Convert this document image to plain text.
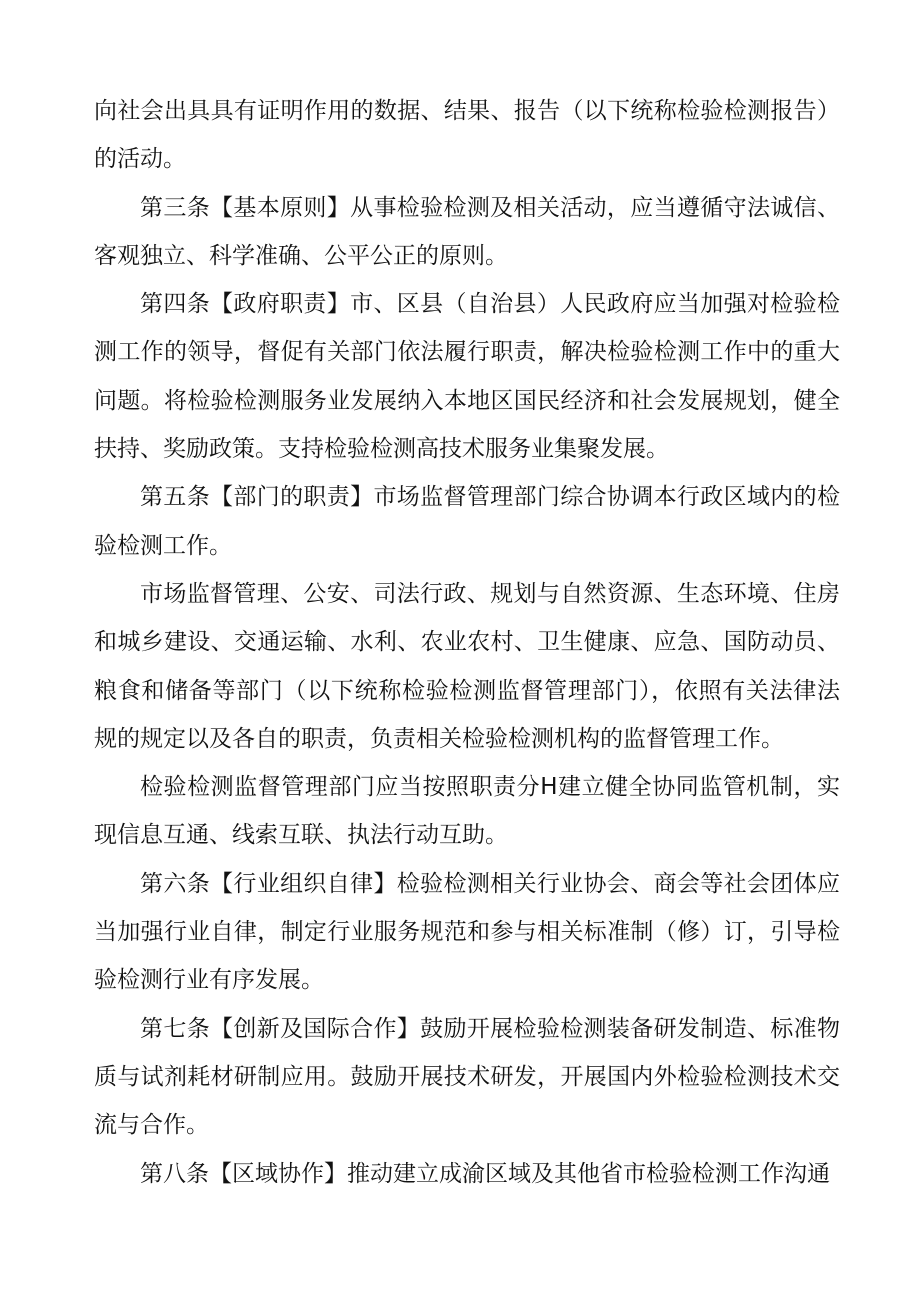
向社会出具具有证明作用的数据、结果、报告（以下统称检验检测报告）的活动。

第三条【基本原则】从事检验检测及相关活动，应当遵循守法诚信、客观独立、科学准确、公平公正的原则。

第四条【政府职责】市、区县（自治县）人民政府应当加强对检验检测工作的领导，督促有关部门依法履行职责，解决检验检测工作中的重大问题。将检验检测服务业发展纳入本地区国民经济和社会发展规划，健全扶持、奖励政策。支持检验检测高技术服务业集聚发展。

第五条【部门的职责】市场监督管理部门综合协调本行政区域内的检验检测工作。

市场监督管理、公安、司法行政、规划与自然资源、生态环境、住房和城乡建设、交通运输、水利、农业农村、卫生健康、应急、国防动员、粮食和储备等部门（以下统称检验检测监督管理部门），依照有关法律法规的规定以及各自的职责，负责相关检验检测机构的监督管理工作。

检验检测监督管理部门应当按照职责分H建立健全协同监管机制，实现信息互通、线索互联、执法行动互助。

第六条【行业组织自律】检验检测相关行业协会、商会等社会团体应当加强行业自律，制定行业服务规范和参与相关标准制（修）订，引导检验检测行业有序发展。

第七条【创新及国际合作】鼓励开展检验检测装备研发制造、标准物质与试剂耗材研制应用。鼓励开展技术研发，开展国内外检验检测技术交流与合作。

第八条【区域协作】推动建立成渝区域及其他省市检验检测工作沟通
